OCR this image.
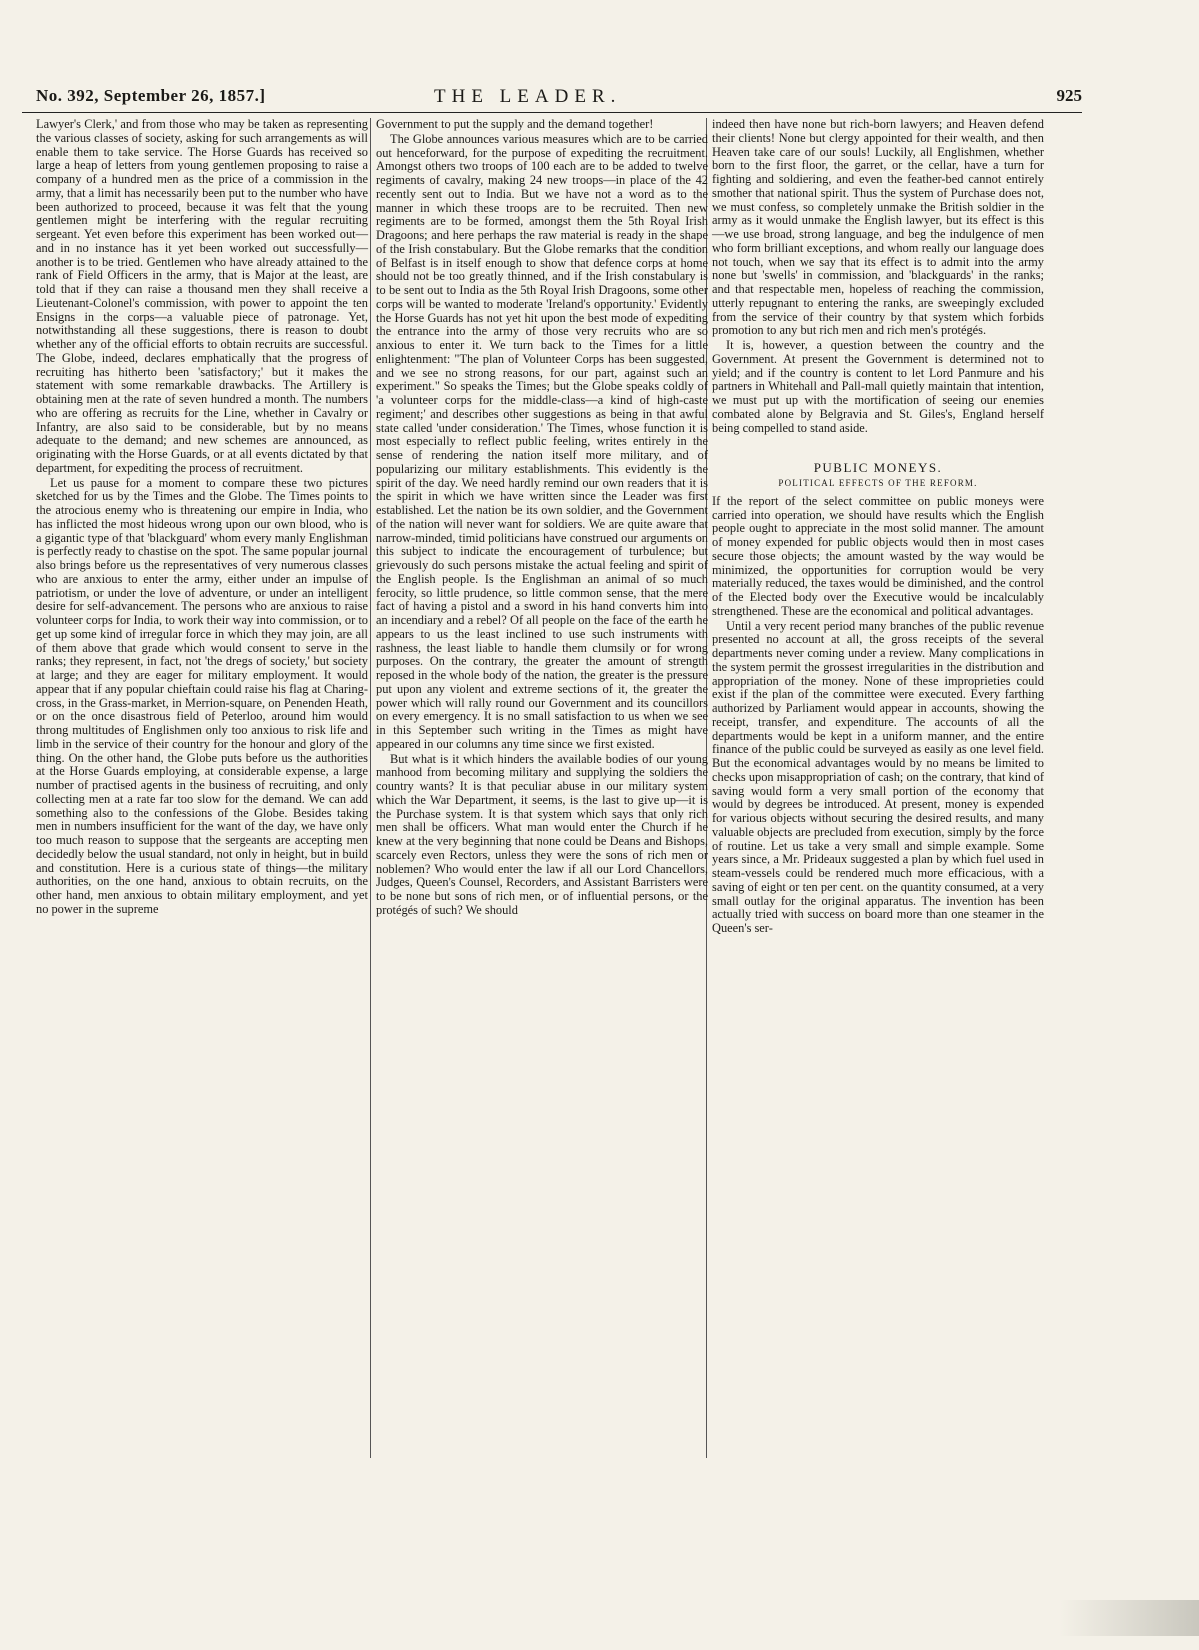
No. 392, September 26, 1857.]	THE LEADER.	925

Lawyer's Clerk,' and from those who may be taken as representing the various classes of society, asking for such arrangements as will enable them to take service. The Horse Guards has received so large a heap of letters from young gentlemen proposing to raise a company of a hundred men as the price of a commission in the army, that a limit has necessarily been put to the number who have been authorized to proceed, because it was felt that the young gentlemen might be interfering with the regular recruiting sergeant. Yet even before this experiment has been worked out—and in no instance has it yet been worked out successfully—another is to be tried. Gentlemen who have already attained to the rank of Field Officers in the army, that is Major at the least, are told that if they can raise a thousand men they shall receive a Lieutenant-Colonel's commission, with power to appoint the ten Ensigns in the corps—a valuable piece of patronage. Yet, notwithstanding all these suggestions, there is reason to doubt whether any of the official efforts to obtain recruits are successful. The Globe, indeed, declares emphatically that the progress of recruiting has hitherto been 'satisfactory;' but it makes the statement with some remarkable drawbacks. The Artillery is obtaining men at the rate of seven hundred a month. The numbers who are offering as recruits for the Line, whether in Cavalry or Infantry, are also said to be considerable, but by no means adequate to the demand; and new schemes are announced, as originating with the Horse Guards, or at all events dictated by that department, for expediting the process of recruitment.

Let us pause for a moment to compare these two pictures sketched for us by the Times and the Globe. The Times points to the atrocious enemy who is threatening our empire in India, who has inflicted the most hideous wrong upon our own blood, who is a gigantic type of that 'blackguard' whom every manly Englishman is perfectly ready to chastise on the spot. The same popular journal also brings before us the representatives of very numerous classes who are anxious to enter the army, either under an impulse of patriotism, or under the love of adventure, or under an intelligent desire for self-advancement. The persons who are anxious to raise volunteer corps for India, to work their way into commission, or to get up some kind of irregular force in which they may join, are all of them above that grade which would consent to serve in the ranks; they represent, in fact, not 'the dregs of society,' but society at large; and they are eager for military employment. It would appear that if any popular chieftain could raise his flag at Charing-cross, in the Grass-market, in Merrion-square, on Penenden Heath, or on the once disastrous field of Peterloo, around him would throng multitudes of Englishmen only too anxious to risk life and limb in the service of their country for the honour and glory of the thing. On the other hand, the Globe puts before us the authorities at the Horse Guards employing, at considerable expense, a large number of practised agents in the business of recruiting, and only collecting men at a rate far too slow for the demand. We can add something also to the confessions of the Globe. Besides taking men in numbers insufficient for the want of the day, we have only too much reason to suppose that the sergeants are accepting men decidedly below the usual standard, not only in height, but in build and constitution. Here is a curious state of things—the military authorities, on the one hand, anxious to obtain recruits, on the other hand, men anxious to obtain military employment, and yet no power in the supreme

Government to put the supply and the demand together!

The Globe announces various measures which are to be carried out henceforward, for the purpose of expediting the recruitment. Amongst others two troops of 100 each are to be added to twelve regiments of cavalry, making 24 new troops—in place of the 42 recently sent out to India. But we have not a word as to the manner in which these troops are to be recruited. Then new regiments are to be formed, amongst them the 5th Royal Irish Dragoons; and here perhaps the raw material is ready in the shape of the Irish constabulary. But the Globe remarks that the condition of Belfast is in itself enough to show that defence corps at home should not be too greatly thinned, and if the Irish constabulary is to be sent out to India as the 5th Royal Irish Dragoons, some other corps will be wanted to moderate 'Ireland's opportunity.' Evidently the Horse Guards has not yet hit upon the best mode of expediting the entrance into the army of those very recruits who are so anxious to enter it. We turn back to the Times for a little enlightenment: "The plan of Volunteer Corps has been suggested, and we see no strong reasons, for our part, against such an experiment." So speaks the Times; but the Globe speaks coldly of 'a volunteer corps for the middle-class—a kind of high-caste regiment;' and describes other suggestions as being in that awful state called 'under consideration.' The Times, whose function it is most especially to reflect public feeling, writes entirely in the sense of rendering the nation itself more military, and of popularizing our military establishments. This evidently is the spirit of the day. We need hardly remind our own readers that it is the spirit in which we have written since the Leader was first established. Let the nation be its own soldier, and the Government of the nation will never want for soldiers. We are quite aware that narrow-minded, timid politicians have construed our arguments on this subject to indicate the encouragement of turbulence; but grievously do such persons mistake the actual feeling and spirit of the English people. Is the Englishman an animal of so much ferocity, so little prudence, so little common sense, that the mere fact of having a pistol and a sword in his hand converts him into an incendiary and a rebel? Of all people on the face of the earth he appears to us the least inclined to use such instruments with rashness, the least liable to handle them clumsily or for wrong purposes. On the contrary, the greater the amount of strength reposed in the whole body of the nation, the greater is the pressure put upon any violent and extreme sections of it, the greater the power which will rally round our Government and its councillors on every emergency. It is no small satisfaction to us when we see in this September such writing in the Times as might have appeared in our columns any time since we first existed.

But what is it which hinders the available bodies of our young manhood from becoming military and supplying the soldiers the country wants? It is that peculiar abuse in our military system which the War Department, it seems, is the last to give up—it is the Purchase system. It is that system which says that only rich men shall be officers. What man would enter the Church if he knew at the very beginning that none could be Deans and Bishops, scarcely even Rectors, unless they were the sons of rich men or noblemen? Who would enter the law if all our Lord Chancellors, Judges, Queen's Counsel, Recorders, and Assistant Barristers were to be none but sons of rich men, or of influential persons, or the protégés of such? We should

indeed then have none but rich-born lawyers; and Heaven defend their clients! None but clergy appointed for their wealth, and then Heaven take care of our souls! Luckily, all Englishmen, whether born to the first floor, the garret, or the cellar, have a turn for fighting and soldiering, and even the feather-bed cannot entirely smother that national spirit. Thus the system of Purchase does not, we must confess, so completely unmake the British soldier in the army as it would unmake the English lawyer, but its effect is this—we use broad, strong language, and beg the indulgence of men who form brilliant exceptions, and whom really our language does not touch, when we say that its effect is to admit into the army none but 'swells' in commission, and 'blackguards' in the ranks; and that respectable men, hopeless of reaching the commission, utterly repugnant to entering the ranks, are sweepingly excluded from the service of their country by that system which forbids promotion to any but rich men and rich men's protégés.

It is, however, a question between the country and the Government. At present the Government is determined not to yield; and if the country is content to let Lord Panmure and his partners in Whitehall and Pall-mall quietly maintain that intention, we must put up with the mortification of seeing our enemies combated alone by Belgravia and St. Giles's, England herself being compelled to stand aside.

PUBLIC MONEYS.
POLITICAL EFFECTS OF THE REFORM.

If the report of the select committee on public moneys were carried into operation, we should have results which the English people ought to appreciate in the most solid manner. The amount of money expended for public objects would then in most cases secure those objects; the amount wasted by the way would be minimized, the opportunities for corruption would be very materially reduced, the taxes would be diminished, and the control of the Elected body over the Executive would be incalculably strengthened. These are the economical and political advantages.

Until a very recent period many branches of the public revenue presented no account at all, the gross receipts of the several departments never coming under a review. Many complications in the system permit the grossest irregularities in the distribution and appropriation of the money. None of these improprieties could exist if the plan of the committee were executed. Every farthing authorized by Parliament would appear in accounts, showing the receipt, transfer, and expenditure. The accounts of all the departments would be kept in a uniform manner, and the entire finance of the public could be surveyed as easily as one level field. But the economical advantages would by no means be limited to checks upon misappropriation of cash; on the contrary, that kind of saving would form a very small portion of the economy that would by degrees be introduced. At present, money is expended for various objects without securing the desired results, and many valuable objects are precluded from execution, simply by the force of routine. Let us take a very small and simple example. Some years since, a Mr. Prideaux suggested a plan by which fuel used in steam-vessels could be rendered much more efficacious, with a saving of eight or ten per cent. on the quantity consumed, at a very small outlay for the original apparatus. The invention has been actually tried with success on board more than one steamer in the Queen's ser-
